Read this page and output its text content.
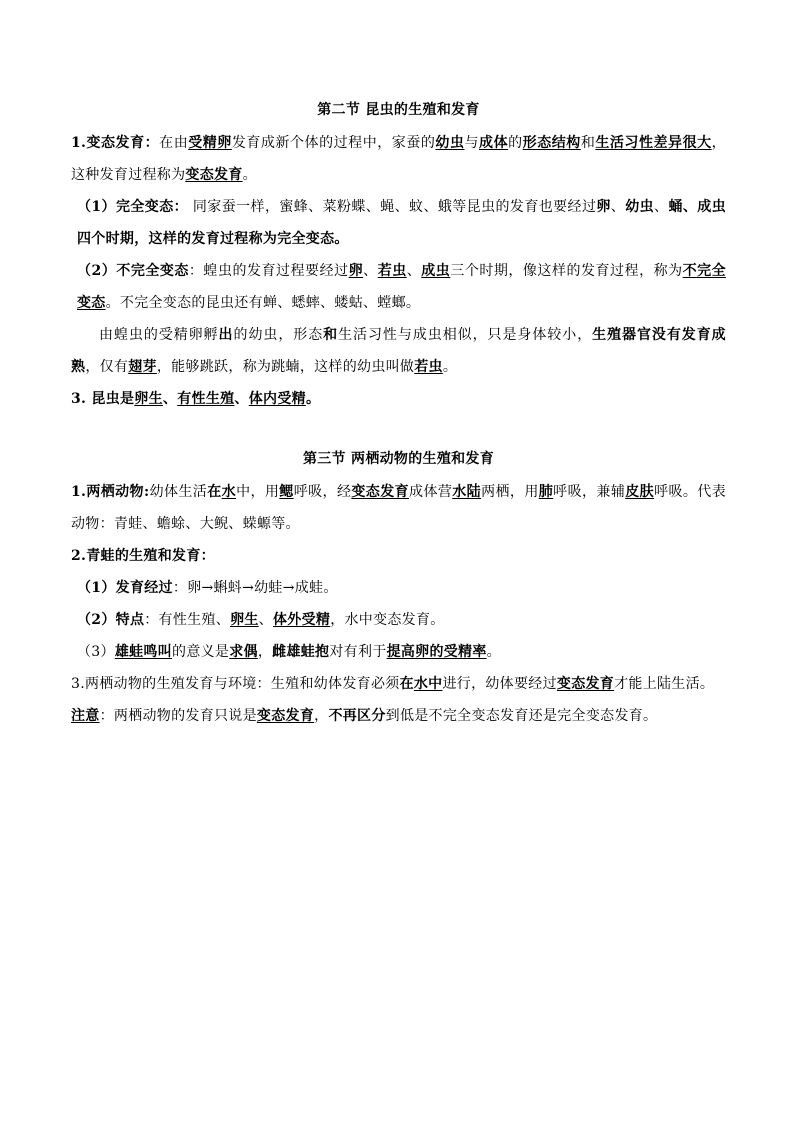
第二节 昆虫的生殖和发育

1.变态发育：在由受精卵发育成新个体的过程中，家蚕的幼虫与成体的形态结构和生活习性差异很大，这种发育过程称为变态发育。

（1）完全变态： 同家蚕一样，蜜蜂、菜粉蝶、蝇、蚊、蛾等昆虫的发育也要经过卵、幼虫、蛹、成虫四个时期，这样的发育过程称为完全变态。

（2）不完全变态：蝗虫的发育过程要经过卵、若虫、成虫三个时期，像这样的发育过程，称为不完全变态。不完全变态的昆虫还有蝉、蟋蟀、蝼蛄、螳螂。

由蝗虫的受精卵孵出的幼虫，形态和生活习性与成虫相似，只是身体较小，生殖器官没有发育成熟，仅有翅芽，能够跳跃，称为跳蝻，这样的幼虫叫做若虫。

3. 昆虫是卵生、有性生殖、体内受精。

第三节 两栖动物的生殖和发育

1.两栖动物:幼体生活在水中，用鳃呼吸，经变态发育成体营水陆两栖，用肺呼吸，兼辅皮肤呼吸。代表动物：青蛙、蟾蜍、大鲵、蝾螈等。

2.青蛙的生殖和发育：

（1）发育经过：卵→蝌蚪→幼蛙→成蛙。

（2）特点：有性生殖、卵生、体外受精，水中变态发育。

（3）雄蛙鸣叫的意义是求偶，雌雄蛙抱对有利于提高卵的受精率。

3.两栖动物的生殖发育与环境：生殖和幼体发育必须在水中进行，幼体要经过变态发育才能上陆生活。

注意：两栖动物的发育只说是变态发育，不再区分到低是不完全变态发育还是完全变态发育。
